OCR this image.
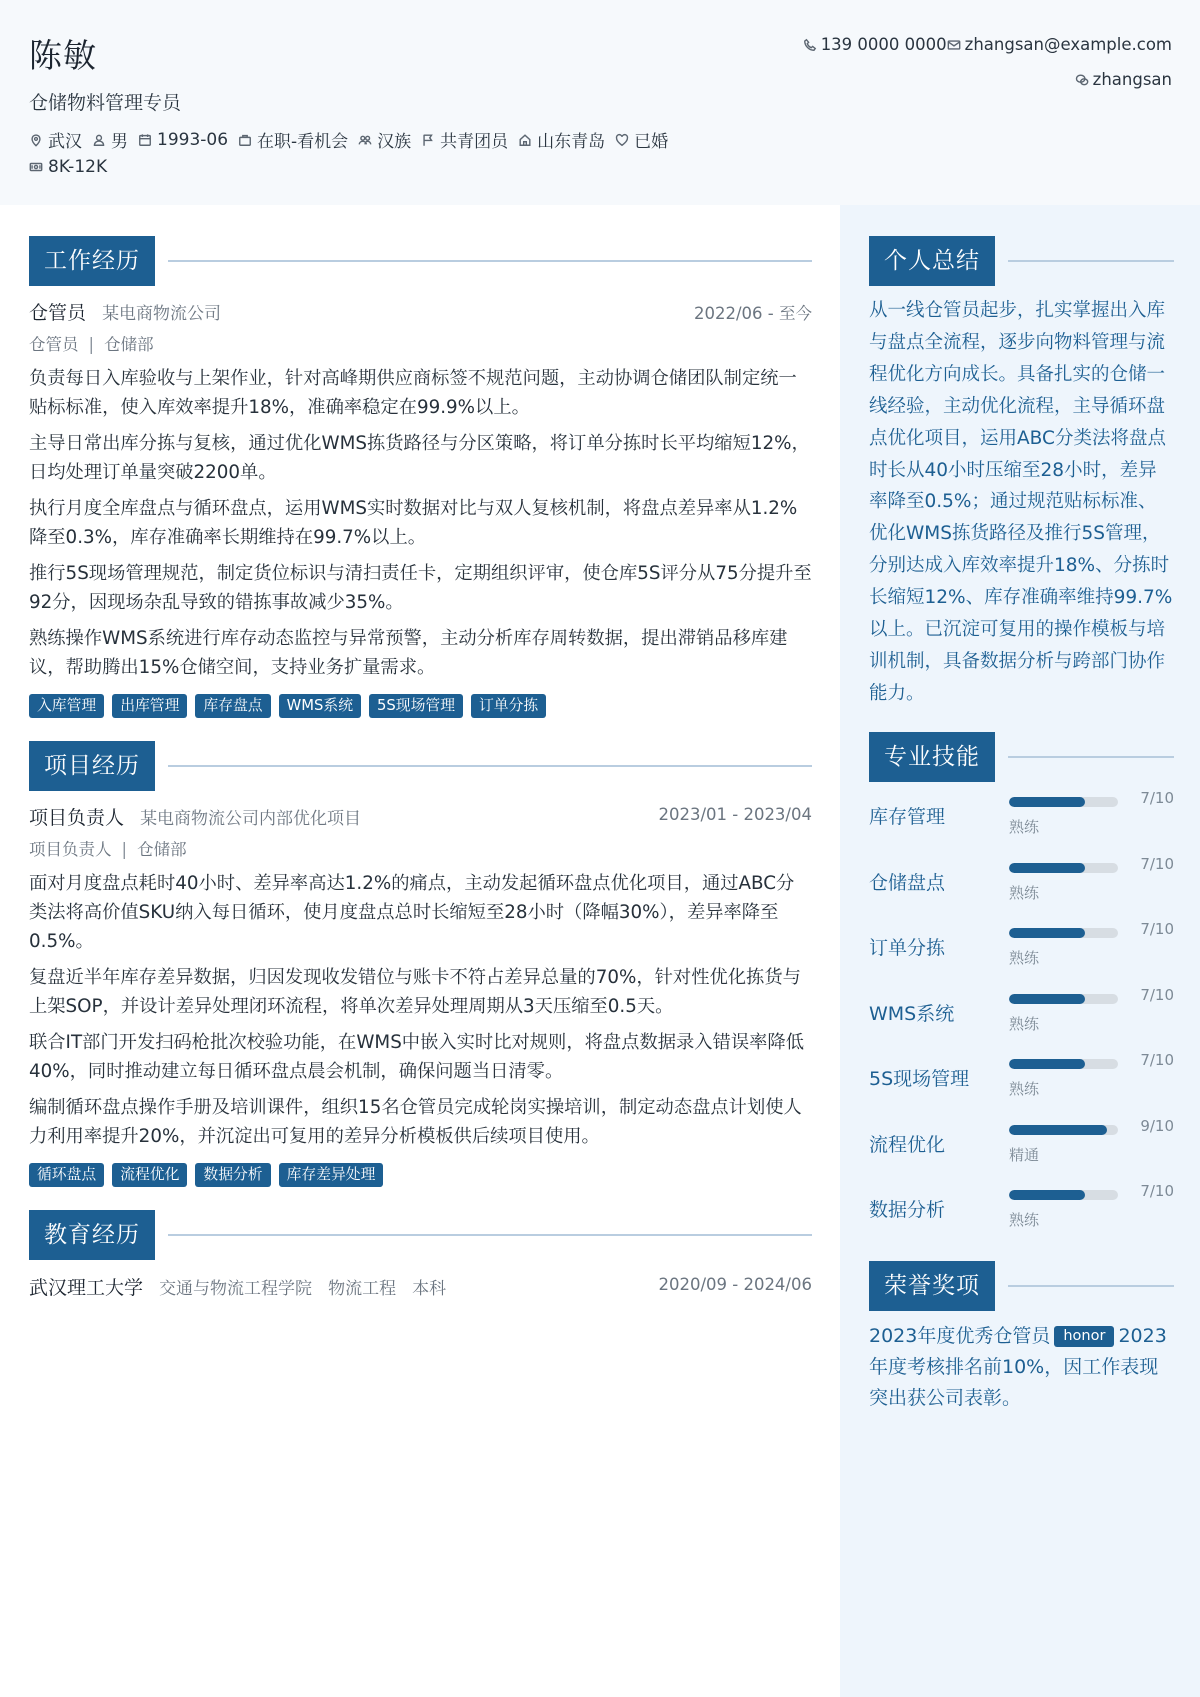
陈敏
仓储物料管理专员
武汉 男 1993-06 在职-看机会 汉族 共青团员 山东青岛 已婚
8K-12K
139 0000 0000 zhangsan@example.com
zhangsan
工作经历
仓管员 某电商物流公司	2022/06 - 至今
仓管员 | 仓储部
负责每日入库验收与上架作业，针对高峰期供应商标签不规范问题，主动协调仓储团队制定统一贴标标准，使入库效率提升18%，准确率稳定在99.9%以上。
主导日常出库分拣与复核，通过优化WMS拣货路径与分区策略，将订单分拣时长平均缩短12%，日均处理订单量突破2200单。
执行月度全库盘点与循环盘点，运用WMS实时数据对比与双人复核机制，将盘点差异率从1.2%降至0.3%，库存准确率长期维持在99.7%以上。
推行5S现场管理规范，制定货位标识与清扫责任卡，定期组织评审，使仓库5S评分从75分提升至92分，因现场杂乱导致的错拣事故减少35%。
熟练操作WMS系统进行库存动态监控与异常预警，主动分析库存周转数据，提出滞销品移库建议，帮助腾出15%仓储空间，支持业务扩量需求。
入库管理	出库管理	库存盘点	WMS系统	5S现场管理	订单分拣
项目经历
项目负责人 某电商物流公司内部优化项目	2023/01 - 2023/04
项目负责人 | 仓储部
面对月度盘点耗时40小时、差异率高达1.2%的痛点，主动发起循环盘点优化项目，通过ABC分类法将高价值SKU纳入每日循环，使月度盘点总时长缩短至28小时（降幅30%），差异率降至0.5%。
复盘近半年库存差异数据，归因发现收发错位与账卡不符占差异总量的70%，针对性优化拣货与上架SOP，并设计差异处理闭环流程，将单次差异处理周期从3天压缩至0.5天。
联合IT部门开发扫码枪批次校验功能，在WMS中嵌入实时比对规则，将盘点数据录入错误率降低40%，同时推动建立每日循环盘点晨会机制，确保问题当日清零。
编制循环盘点操作手册及培训课件，组织15名仓管员完成轮岗实操培训，制定动态盘点计划使人力利用率提升20%，并沉淀出可复用的差异分析模板供后续项目使用。
循环盘点	流程优化	数据分析	库存差异处理
教育经历
武汉理工大学 交通与物流工程学院 物流工程 本科	2020/09 - 2024/06
个人总结
从一线仓管员起步，扎实掌握出入库与盘点全流程，逐步向物料管理与流程优化方向成长。具备扎实的仓储一线经验，主动优化流程，主导循环盘点优化项目，运用ABC分类法将盘点时长从40小时压缩至28小时，差异率降至0.5%；通过规范贴标标准、优化WMS拣货路径及推行5S管理，分别达成入库效率提升18%、分拣时长缩短12%、库存准确率维持99.7%以上。已沉淀可复用的操作模板与培训机制，具备数据分析与跨部门协作能力。
专业技能
库存管理
7/10
熟练
仓储盘点
7/10
熟练
订单分拣
7/10
熟练
WMS系统
7/10
熟练
5S现场管理
7/10
熟练
流程优化
9/10
精通
数据分析
7/10
熟练
荣誉奖项
2023年度优秀仓管员 honor 2023年度考核排名前10%，因工作表现突出获公司表彰。
